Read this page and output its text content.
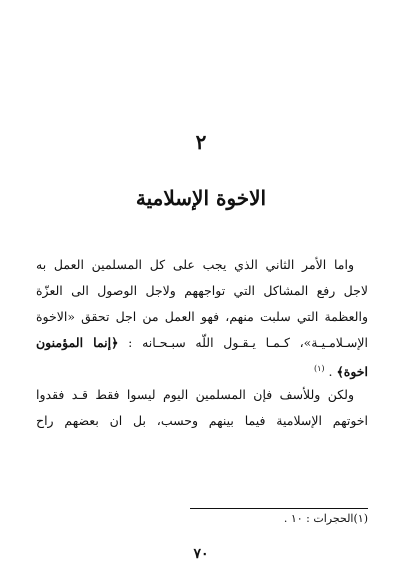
٢
الاخوة الإسلامية
واما الأمر الثاني الذي يجب على كل المسلمين العمل به
لاجل رفع المشاكل التي تواجههم ولاجل الوصول الى العزّة
والعظمة التي سلبت منهم، فهو العمل من اجل تحقق «الاخوة
الإسـلامـيـة»، كـمـا يـقـول اللّه سبـحـانه : ﴿إنما المؤمنون
اخوة﴾ . $^{(١)}$
ولكن وللأسف فإن المسلمين اليوم ليسوا فقط قـد فقدوا
اخوتهم الإسلامية فيما بينهم وحسب، بل ان بعضهم راح
(١)الحجرات : ١٠ .
٧٠
